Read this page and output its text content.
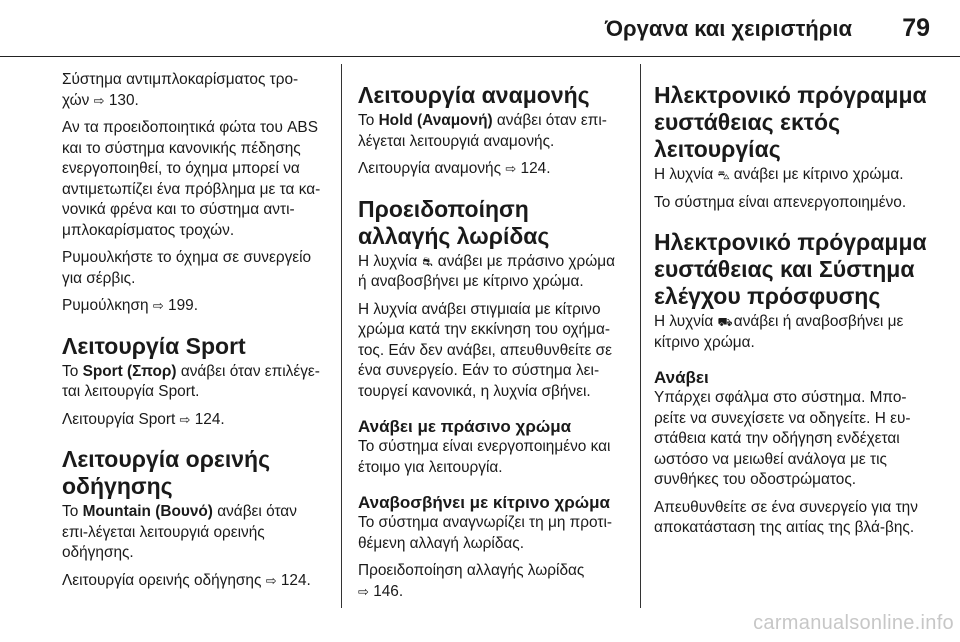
Όργανα και χειριστήρια 79

Σύστημα αντιμπλοκαρίσματος τρο-χών ⇨ 130.

Αν τα προειδοποιητικά φώτα του ABS και το σύστημα κανονικής πέδησης ενεργοποιηθεί, το όχημα μπορεί να αντιμετωπίζει ένα πρόβλημα με τα κα-νονικά φρένα και το σύστημα αντι-μπλοκαρίσματος τροχών.

Ρυμουλκήστε το όχημα σε συνεργείο για σέρβις.

Ρυμούλκηση ⇨ 199.

Λειτουργία Sport

Το Sport (Σπορ) ανάβει όταν επιλέγε-ται λειτουργία Sport.

Λειτουργία Sport ⇨ 124.

Λειτουργία ορεινής οδήγησης

Το Mountain (Βουνό) ανάβει όταν επι-λέγεται λειτουργιά ορεινής οδήγησης.

Λειτουργία ορεινής οδήγησης ⇨ 124.

Λειτουργία αναμονής

Το Hold (Αναμονή) ανάβει όταν επι-λέγεται λειτουργιά αναμονής.

Λειτουργία αναμονής ⇨ 124.

Προειδοποίηση αλλαγής λωρίδας

Η λυχνία ⛐ ανάβει με πράσινο χρώμα ή αναβοσβήνει με κίτρινο χρώμα.

Η λυχνία ανάβει στιγμιαία με κίτρινο χρώμα κατά την εκκίνηση του οχήμα-τος. Εάν δεν ανάβει, απευθυνθείτε σε ένα συνεργείο. Εάν το σύστημα λει-τουργεί κανονικά, η λυχνία σβήνει.

Ανάβει με πράσινο χρώμα

Το σύστημα είναι ενεργοποιημένο και έτοιμο για λειτουργία.

Αναβοσβήνει με κίτρινο χρώμα

Το σύστημα αναγνωρίζει τη μη προτι-θέμενη αλλαγή λωρίδας.

Προειδοποίηση αλλαγής λωρίδας
⇨ 146.

Ηλεκτρονικό πρόγραμμα ευστάθειας εκτός λειτουργίας

Η λυχνία ⛍ ανάβει με κίτρινο χρώμα.

Το σύστημα είναι απενεργοποιημένο.

Ηλεκτρονικό πρόγραμμα ευστάθειας και Σύστημα ελέγχου πρόσφυσης

Η λυχνία ⛟ ανάβει ή αναβοσβήνει με κίτρινο χρώμα.

Ανάβει

Υπάρχει σφάλμα στο σύστημα. Μπο-ρείτε να συνεχίσετε να οδηγείτε. Η ευ-στάθεια κατά την οδήγηση ενδέχεται ωστόσο να μειωθεί ανάλογα με τις συνθήκες του οδοστρώματος.

Απευθυνθείτε σε ένα συνεργείο για την αποκατάσταση της αιτίας της βλά-βης.

carmanualsonline.info
